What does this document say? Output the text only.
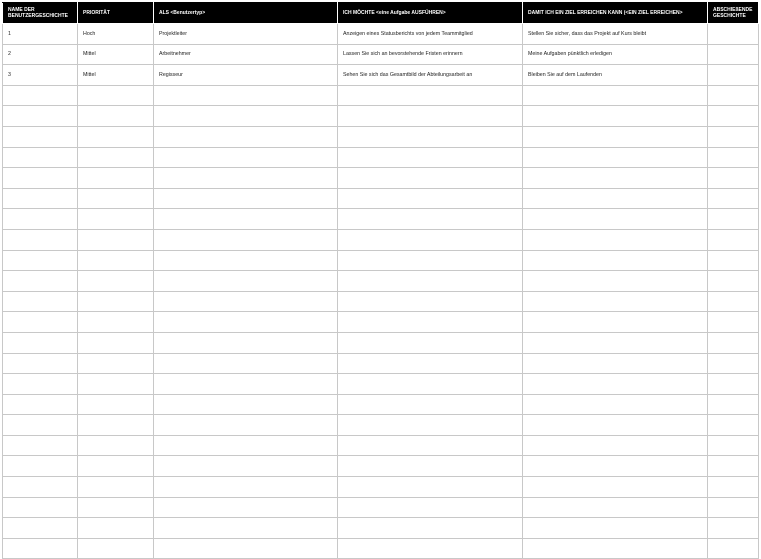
NAME DER BENUTZERGESCHICHTE	PRIORITÄT	ALS <Benutzertyp>	ICH MÖCHTE <eine Aufgabe AUSFÜHREN>	DAMIT ICH EIN ZIEL ERREICHEN KANN (<EIN ZIEL ERREICHEN>	ABSCHIEßENDE GESCHICHTE
1	Hoch	Projektleiter	Anzeigen eines Statusberichts von jedem Teammitglied	Stellen Sie sicher, dass das Projekt auf Kurs bleibt	
2	Mittel	Arbeitnehmer	Lassen Sie sich an bevorstehende Fristen erinnern	Meine Aufgaben pünktlich erledigen	
3	Mittel	Regisseur	Sehen Sie sich das Gesamtbild der Abteilungsarbeit an	Bleiben Sie auf dem Laufenden	
